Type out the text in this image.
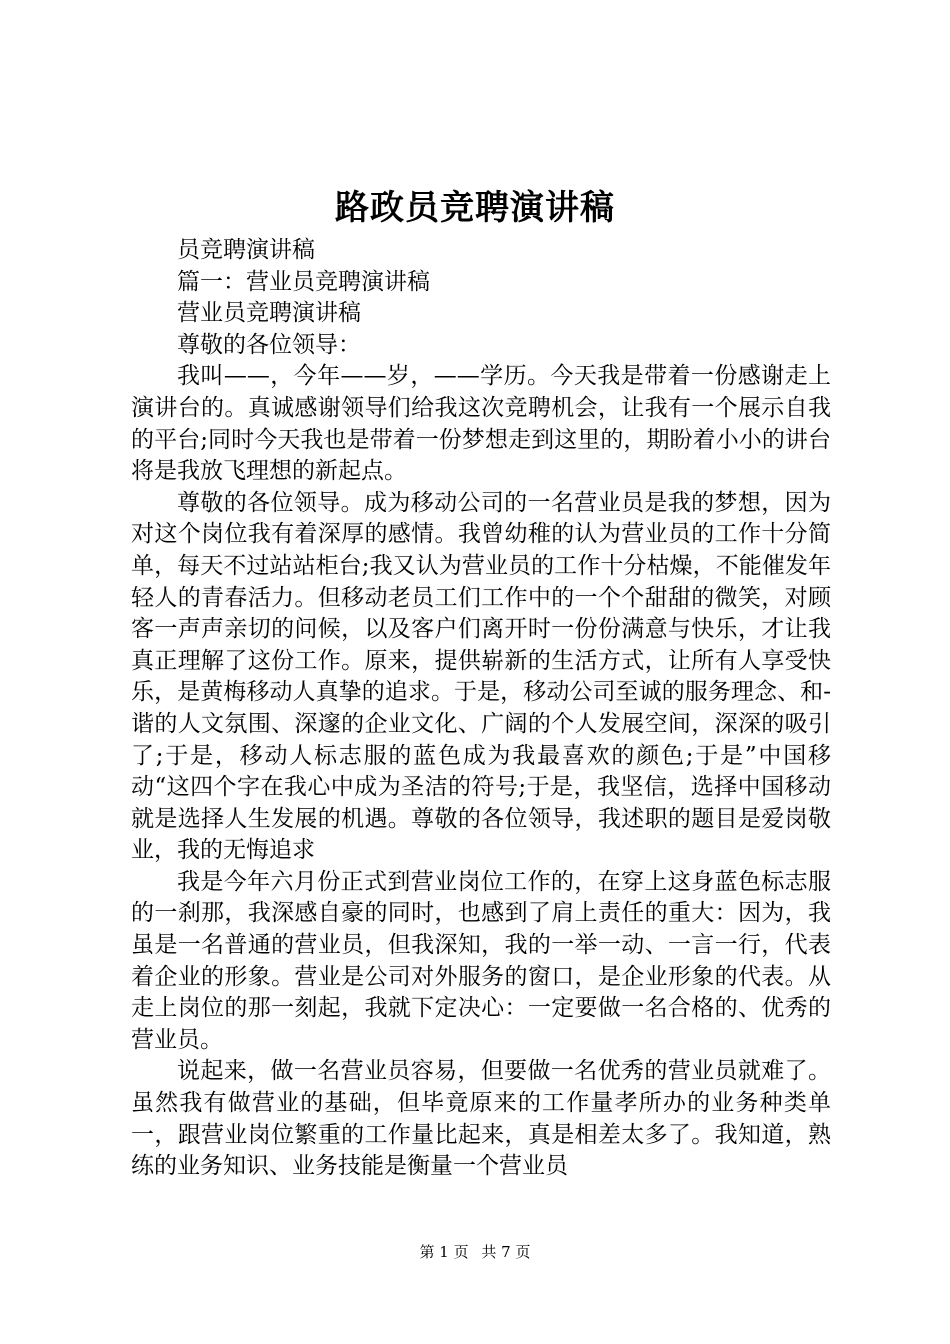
路政员竞聘演讲稿

员竞聘演讲稿

篇一：营业员竞聘演讲稿

营业员竞聘演讲稿

尊敬的各位领导：

我叫——，今年——岁，——学历。今天我是带着一份感谢走上演讲台的。真诚感谢领导们给我这次竞聘机会，让我有一个展示自我的平台;同时今天我也是带着一份梦想走到这里的，期盼着小小的讲台将是我放飞理想的新起点。

尊敬的各位领导。成为移动公司的一名营业员是我的梦想，因为对这个岗位我有着深厚的感情。我曾幼稚的认为营业员的工作十分简单，每天不过站站柜台;我又认为营业员的工作十分枯燥，不能催发年轻人的青春活力。但移动老员工们工作中的一个个甜甜的微笑，对顾客一声声亲切的问候，以及客户们离开时一份份满意与快乐，才让我真正理解了这份工作。原来，提供崭新的生活方式，让所有人享受快乐，是黄梅移动人真挚的追求。于是，移动公司至诚的服务理念、和-谐的人文氛围、深邃的企业文化、广阔的个人发展空间，深深的吸引了;于是，移动人标志服的蓝色成为我最喜欢的颜色;于是”中国移动“这四个字在我心中成为圣洁的符号;于是，我坚信，选择中国移动就是选择人生发展的机遇。尊敬的各位领导，我述职的题目是爱岗敬业，我的无悔追求

我是今年六月份正式到营业岗位工作的，在穿上这身蓝色标志服的一刹那，我深感自豪的同时，也感到了肩上责任的重大：因为，我虽是一名普通的营业员，但我深知，我的一举一动、一言一行，代表着企业的形象。营业是公司对外服务的窗口，是企业形象的代表。从走上岗位的那一刻起，我就下定决心：一定要做一名合格的、优秀的营业员。

说起来，做一名营业员容易，但要做一名优秀的营业员就难了。虽然我有做营业的基础，但毕竟原来的工作量孝所办的业务种类单一，跟营业岗位繁重的工作量比起来，真是相差太多了。我知道，熟练的业务知识、业务技能是衡量一个营业员

第 1 页 共 7 页
